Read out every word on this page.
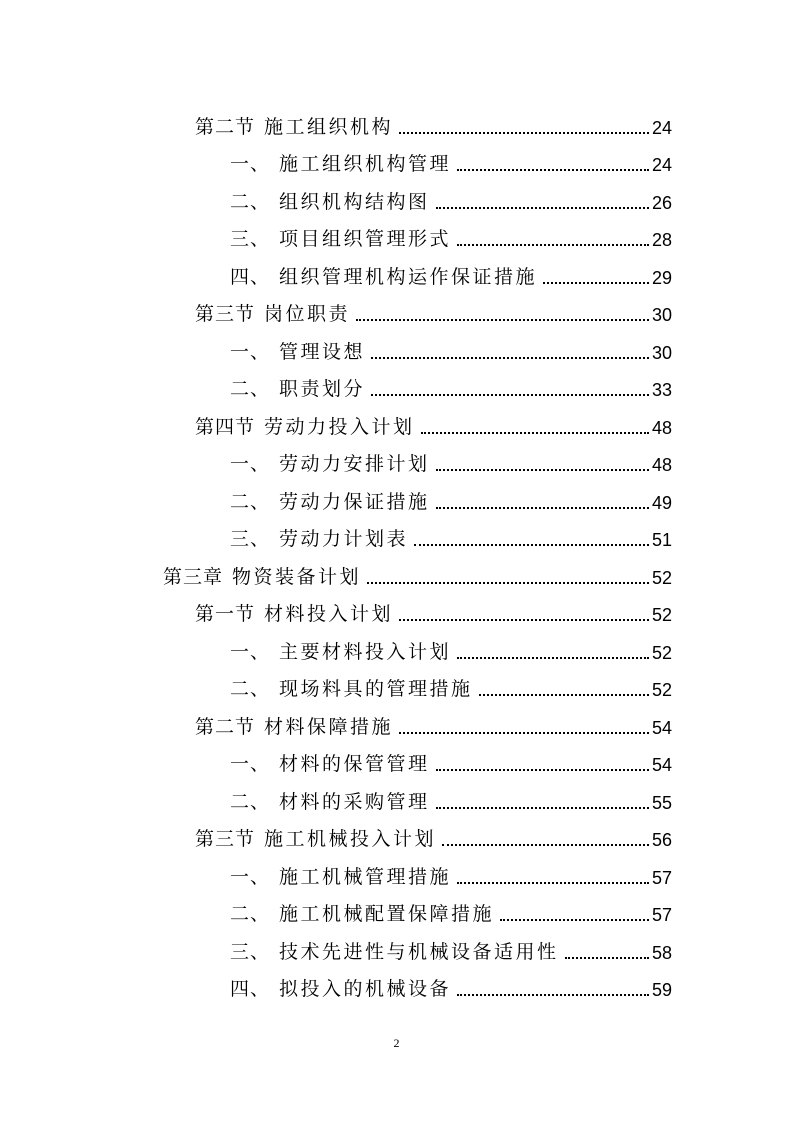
第二节 施工组织机构	24
一、 施工组织机构管理	24
二、 组织机构结构图	26
三、 项目组织管理形式	28
四、 组织管理机构运作保证措施	29
第三节 岗位职责	30
一、 管理设想	30
二、 职责划分	33
第四节 劳动力投入计划	48
一、 劳动力安排计划	48
二、 劳动力保证措施	49
三、 劳动力计划表	51
第三章 物资装备计划	52
第一节 材料投入计划	52
一、 主要材料投入计划	52
二、 现场料具的管理措施	52
第二节 材料保障措施	54
一、 材料的保管管理	54
二、 材料的采购管理	55
第三节 施工机械投入计划	56
一、 施工机械管理措施	57
二、 施工机械配置保障措施	57
三、 技术先进性与机械设备适用性	58
四、 拟投入的机械设备	59
2
